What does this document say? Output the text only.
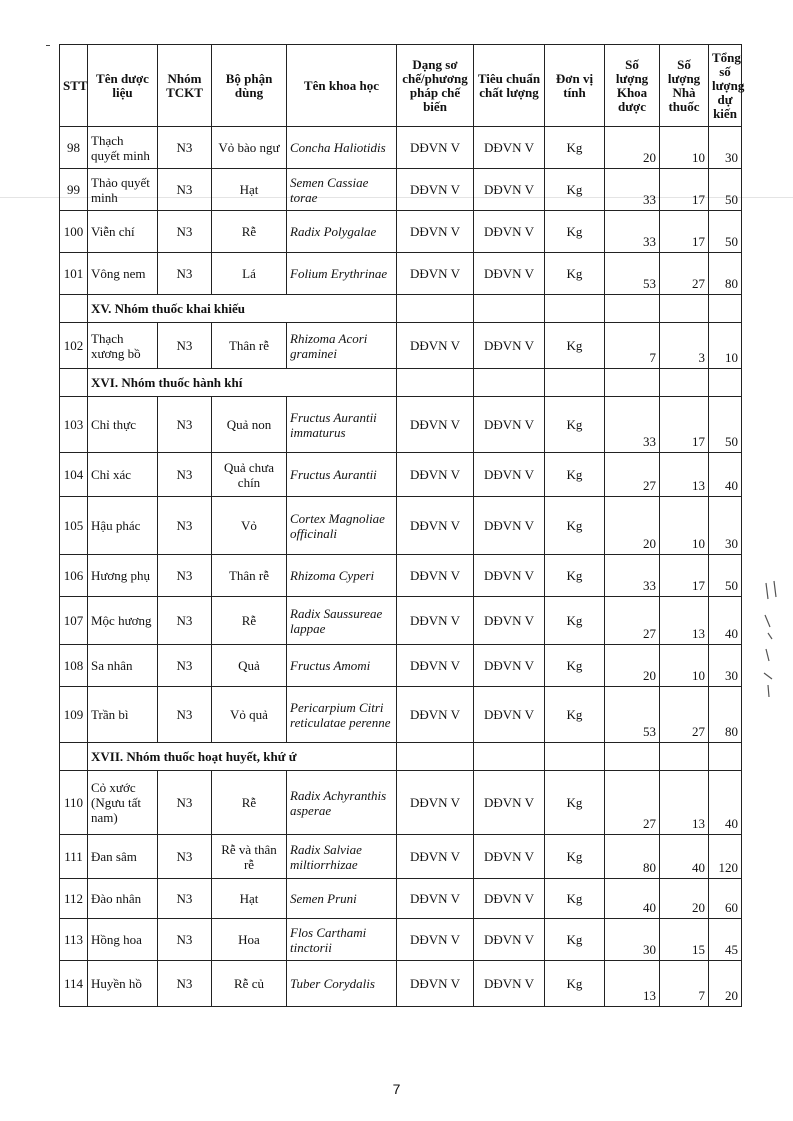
STT	Tên dược liệu	Nhóm TCKT	Bộ phận dùng	Tên khoa học	Dạng sơ chế/phương pháp chế biến	Tiêu chuẩn chất lượng	Đơn vị tính	Số lượng Khoa dược	Số lượng Nhà thuốc	Tổng số lượng dự kiến
98	Thạch quyết minh	N3	Vỏ bào ngư	Concha Haliotidis	DĐVN V	DĐVN V	Kg	20	10	30
99	Thảo quyết minh	N3	Hạt	Semen Cassiae torae	DĐVN V	DĐVN V	Kg	33	17	50
100	Viễn chí	N3	Rễ	Radix Polygalae	DĐVN V	DĐVN V	Kg	33	17	50
101	Vông nem	N3	Lá	Folium Erythrinae	DĐVN V	DĐVN V	Kg	53	27	80
	XV. Nhóm thuốc khai khiếu									
102	Thạch xương bồ	N3	Thân rễ	Rhizoma Acori graminei	DĐVN V	DĐVN V	Kg	7	3	10
	XVI. Nhóm thuốc hành khí									
103	Chỉ thực	N3	Quả non	Fructus Aurantii immaturus	DĐVN V	DĐVN V	Kg	33	17	50
104	Chỉ xác	N3	Quả chưa chín	Fructus Aurantii	DĐVN V	DĐVN V	Kg	27	13	40
105	Hậu phác	N3	Vỏ	Cortex Magnoliae officinali	DĐVN V	DĐVN V	Kg	20	10	30
106	Hương phụ	N3	Thân rễ	Rhizoma Cyperi	DĐVN V	DĐVN V	Kg	33	17	50
107	Mộc hương	N3	Rễ	Radix Saussureae lappae	DĐVN V	DĐVN V	Kg	27	13	40
108	Sa nhân	N3	Quả	Fructus Amomi	DĐVN V	DĐVN V	Kg	20	10	30
109	Trần bì	N3	Vỏ quả	Pericarpium Citri reticulatae perenne	DĐVN V	DĐVN V	Kg	53	27	80
	XVII. Nhóm thuốc hoạt huyết, khứ ứ									
110	Cỏ xước (Ngưu tất nam)	N3	Rễ	Radix Achyranthis asperae	DĐVN V	DĐVN V	Kg	27	13	40
111	Đan sâm	N3	Rễ và thân rễ	Radix Salviae miltiorrhizae	DĐVN V	DĐVN V	Kg	80	40	120
112	Đào nhân	N3	Hạt	Semen Pruni	DĐVN V	DĐVN V	Kg	40	20	60
113	Hồng hoa	N3	Hoa	Flos Carthami tinctorii	DĐVN V	DĐVN V	Kg	30	15	45
114	Huyền hồ	N3	Rễ củ	Tuber Corydalis	DĐVN V	DĐVN V	Kg	13	7	20
7
